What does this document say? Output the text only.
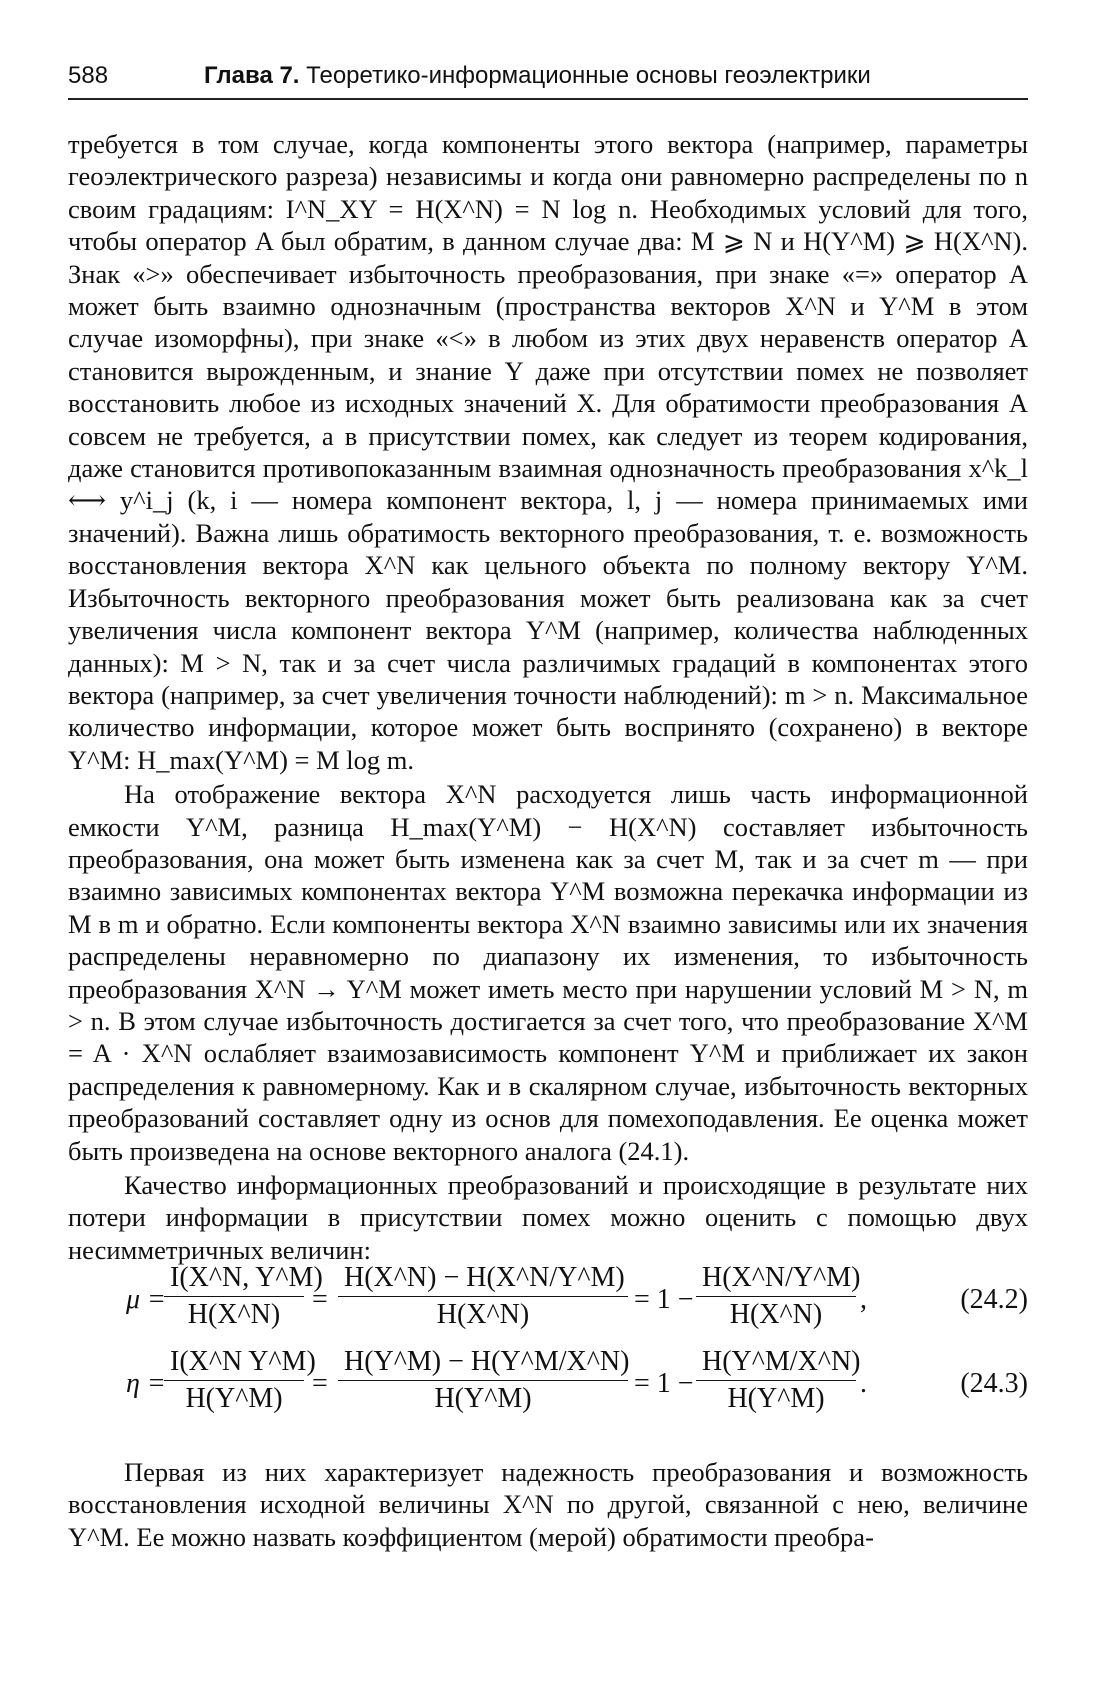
588	Глава 7. Теоретико-информационные основы геоэлектрики

требуется в том случае, когда компоненты этого вектора (например, параметры геоэлектрического разреза) независимы и когда они равномерно распределены по n своим градациям: I^N_XY = H(X^N) = N log n. Необходимых условий для того, чтобы оператор A был обратим, в данном случае два: M ⩾ N и H(Y^M) ⩾ H(X^N). Знак «>» обеспечивает избыточность преобразования, при знаке «=» оператор A может быть взаимно однозначным (пространства векторов X^N и Y^M в этом случае изоморфны), при знаке «<» в любом из этих двух неравенств оператор A становится вырожденным, и знание Y даже при отсутствии помех не позволяет восстановить любое из исходных значений X. Для обратимости преобразования A совсем не требуется, а в присутствии помех, как следует из теорем кодирования, даже становится противопоказанным взаимная однозначность преобразования x^k_l ⟷ y^i_j (k, i — номера компонент вектора, l, j — номера принимаемых ими значений). Важна лишь обратимость векторного преобразования, т. е. возможность восстановления вектора X^N как цельного объекта по полному вектору Y^M. Избыточность векторного преобразования может быть реализована как за счет увеличения числа компонент вектора Y^M (например, количества наблюденных данных): M > N, так и за счет числа различимых градаций в компонентах этого вектора (например, за счет увеличения точности наблюдений): m > n. Максимальное количество информации, которое может быть воспринято (сохранено) в векторе Y^M: H_max(Y^M) = M log m.

На отображение вектора X^N расходуется лишь часть информационной емкости Y^M, разница H_max(Y^M) − H(X^N) составляет избыточность преобразования, она может быть изменена как за счет M, так и за счет m — при взаимно зависимых компонентах вектора Y^M возможна перекачка информации из M в m и обратно. Если компоненты вектора X^N взаимно зависимы или их значения распределены неравномерно по диапазону их изменения, то избыточность преобразования X^N → Y^M может иметь место при нарушении условий M > N, m > n. В этом случае избыточность достигается за счет того, что преобразование X^M = A · X^N ослабляет взаимозависимость компонент Y^M и приближает их закон распределения к равномерному. Как и в скалярном случае, избыточность векторных преобразований составляет одну из основ для помехоподавления. Ее оценка может быть произведена на основе векторного аналога (24.1).

Качество информационных преобразований и происходящие в результате них потери информации в присутствии помех можно оценить с помощью двух несимметричных величин:

μ =
$\frac{I(X\^{}N, Y\^{}M)}{H(X\^{}N)} = \frac{H(X\^{}N) - H(X\^{}N/Y\^{}M)}{H(X\^{}N)} = 1 - \frac{H(X\^{}N/Y\^{}M)}{H(X\^{}N)}$ ,	(24.2)
η =
$\frac{\text{I(X\textasciicircum{}N Y\textasciicircum{}M)}}{H(Y\^{}M)} = \frac{H(Y\^{}M) - H(Y\^{}M/X\^{}N)}{H(Y\^{}M)} = 1 - \frac{H(Y\^{}M/X\^{}N)}{H(Y\^{}M)}$ .	(24.3)

Первая из них характеризует надежность преобразования и возможность восстановления исходной величины X^N по другой, связанной с нею, величине Y^M. Ее можно назвать коэффициентом (мерой) обратимости преобра-
